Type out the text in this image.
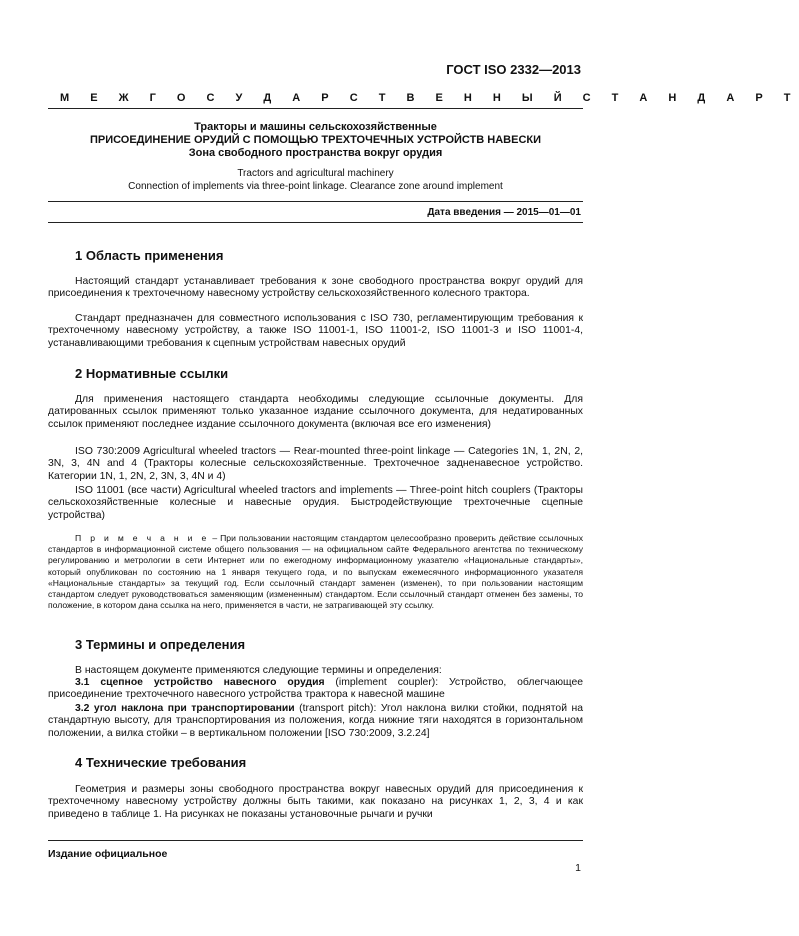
ГОСТ ISO 2332—2013
М Е Ж Г О С У Д А Р С Т В Е Н Н Ы Й С Т А Н Д А Р Т
Тракторы и машины сельскохозяйственные
ПРИСОЕДИНЕНИЕ ОРУДИЙ С ПОМОЩЬЮ ТРЕХТОЧЕЧНЫХ УСТРОЙСТВ НАВЕСКИ
Зона свободного пространства вокруг орудия
Tractors and agricultural machinery
Connection of implements via three-point linkage. Clearance zone around implement
Дата введения — 2015—01—01
1 Область применения
Настоящий стандарт устанавливает требования к зоне свободного пространства вокруг орудий для присоединения к трехточечному навесному устройству сельскохозяйственного колесного трактора.
Стандарт предназначен для совместного использования с ISO 730, регламентирующим требования к трехточечному навесному устройству, а также ISO 11001-1, ISO 11001-2, ISO 11001-3 и ISO 11001-4, устанавливающими требования к сцепным устройствам навесных орудий
2 Нормативные ссылки
Для применения настоящего стандарта необходимы следующие ссылочные документы. Для датированных ссылок применяют только указанное издание ссылочного документа, для недатированных ссылок применяют последнее издание ссылочного документа (включая все его изменения)
ISO 730:2009 Agricultural wheeled tractors — Rear-mounted three-point linkage — Categories 1N, 1, 2N, 2, 3N, 3, 4N and 4 (Тракторы колесные сельскохозяйственные. Трехточечное задненавесное устройство. Категории 1N, 1, 2N, 2, 3N, 3, 4N и 4)
ISO 11001 (все части) Agricultural wheeled tractors and implements — Three-point hitch couplers (Тракторы сельскохозяйственные колесные и навесные орудия. Быстродействующие трехточечные сцепные устройства)
П р и м е ч а н и е – При пользовании настоящим стандартом целесообразно проверить действие ссылочных стандартов в информационной системе общего пользования — на официальном сайте Федерального агентства по техническому регулированию и метрологии в сети Интернет или по ежегодному информационному указателю «Национальные стандарты», который опубликован по состоянию на 1 января текущего года, и по выпускам ежемесячного информационного указателя «Национальные стандарты» за текущий год. Если ссылочный стандарт заменен (изменен), то при пользовании настоящим стандартом следует руководствоваться заменяющим (измененным) стандартом. Если ссылочный стандарт отменен без замены, то положение, в котором дана ссылка на него, применяется в части, не затрагивающей эту ссылку.
3 Термины и определения
В настоящем документе применяются следующие термины и определения:
3.1 сцепное устройство навесного орудия (implement coupler): Устройство, облегчающее присоединение трехточечного навесного устройства трактора к навесной машине
3.2 угол наклона при транспортировании (transport pitch): Угол наклона вилки стойки, поднятой на стандартную высоту, для транспортирования из положения, когда нижние тяги находятся в горизонтальном положении, а вилка стойки – в вертикальном положении [ISO 730:2009, 3.2.24]
4 Технические требования
Геометрия и размеры зоны свободного пространства вокруг навесных орудий для присоединения к трехточечному навесному устройству должны быть такими, как показано на рисунках 1, 2, 3, 4 и как приведено в таблице 1. На рисунках не показаны установочные рычаги и ручки
Издание официальное
1
